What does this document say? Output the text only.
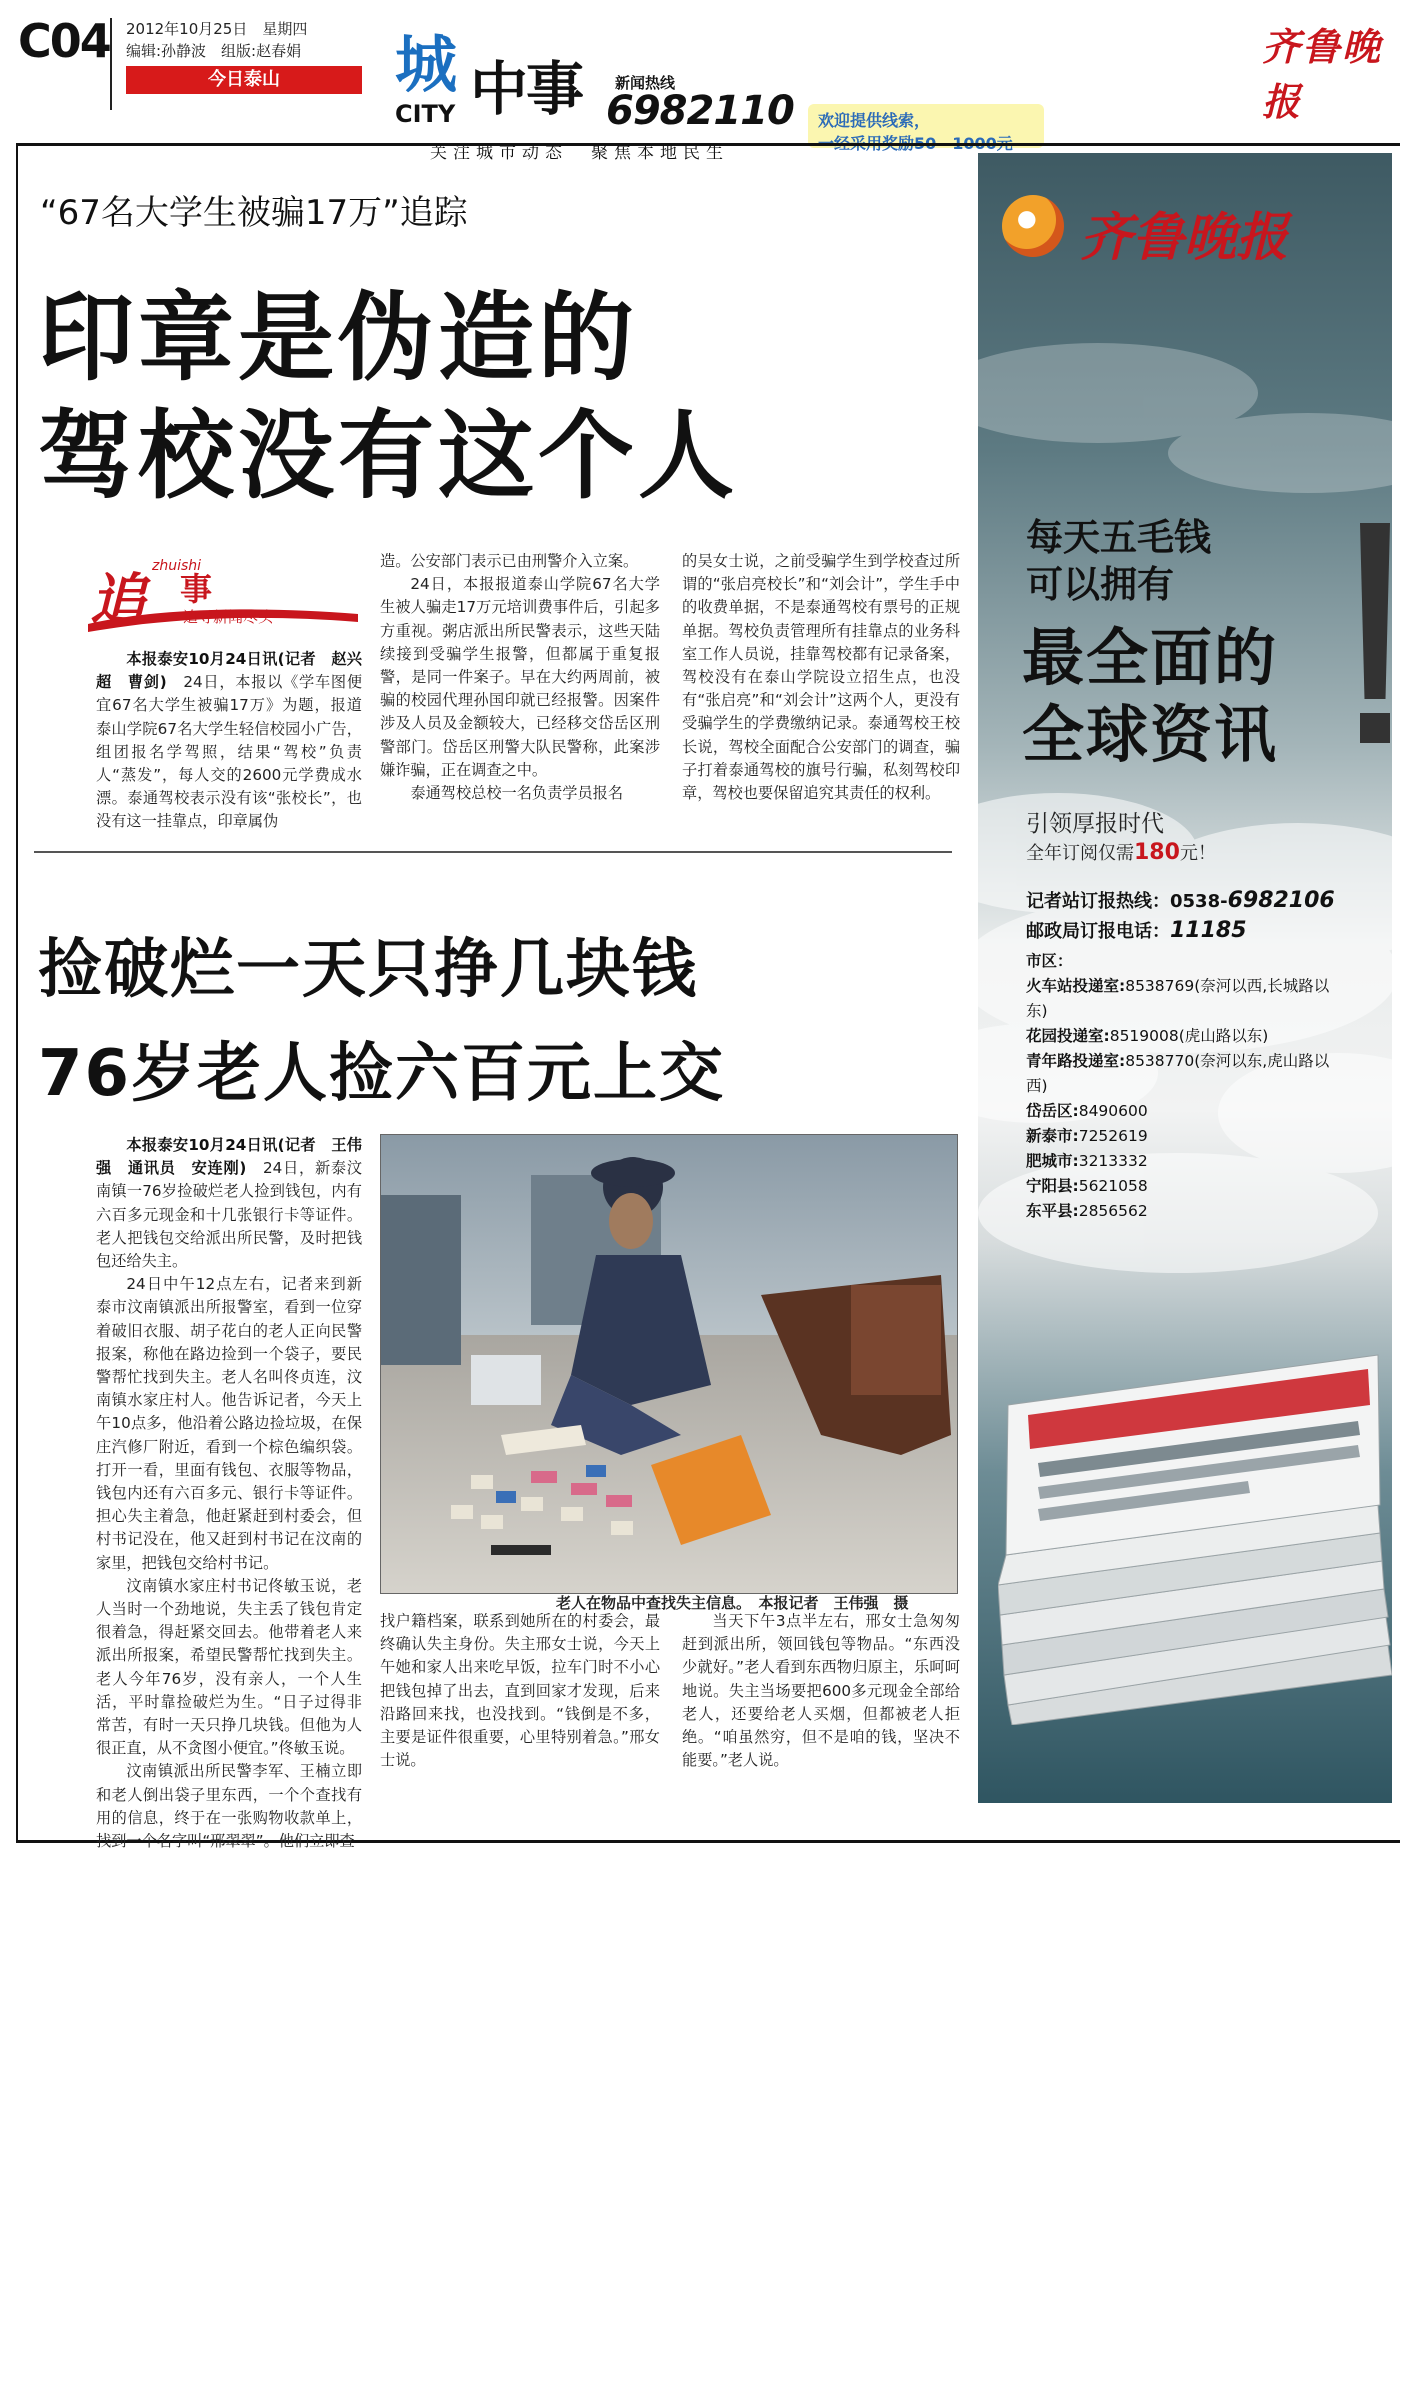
C04 2012年10月25日　星期四
编辑:孙静波　组版:赵春娟
今日泰山	城
CITY 中事 新闻热线
6982110 欢迎提供线索，
一经采用奖励50—1000元
关注城市动态　聚焦本地民生
齐鲁晚报
“67名大学生被骗17万”追踪
印章是伪造的
驾校没有这个人
追
zhuishi
事
追寻新闻尽头

本报泰安10月24日讯(记者　赵兴超　曹剑)　 24日，本报以《学车图便宜67名大学生被骗17万》为题，报道泰山学院67名大学生轻信校园小广告，组团报名学驾照，结果“驾校”负责人“蒸发”，每人交的2600元学费成水漂。泰通驾校表示没有该“张校长”，也没有这一挂靠点，印章属伪

造。公安部门表示已由刑警介入立案。

24日，本报报道泰山学院67名大学生被人骗走17万元培训费事件后，引起多方重视。粥店派出所民警表示，这些天陆续接到受骗学生报警，但都属于重复报警，是同一件案子。早在大约两周前，被骗的校园代理孙国印就已经报警。因案件涉及人员及金额较大，已经移交岱岳区刑警部门。岱岳区刑警大队民警称，此案涉嫌诈骗，正在调查之中。

泰通驾校总校一名负责学员报名

的吴女士说，之前受骗学生到学校查过所谓的“张启亮校长”和“刘会计”，学生手中的收费单据，不是泰通驾校有票号的正规单据。驾校负责管理所有挂靠点的业务科室工作人员说，挂靠驾校都有记录备案，驾校没有在泰山学院设立招生点，也没有“张启亮”和“刘会计”这两个人，更没有受骗学生的学费缴纳记录。泰通驾校王校长说，驾校全面配合公安部门的调查，骗子打着泰通驾校的旗号行骗，私刻驾校印章，驾校也要保留追究其责任的权利。
捡破烂一天只挣几块钱
76岁老人捡六百元上交

本报泰安10月24日讯(记者　王伟强　通讯员　安连刚)　 24日，新泰汶南镇一76岁捡破烂老人捡到钱包，内有六百多元现金和十几张银行卡等证件。老人把钱包交给派出所民警，及时把钱包还给失主。

24日中午12点左右，记者来到新泰市汶南镇派出所报警室，看到一位穿着破旧衣服、胡子花白的老人正向民警报案，称他在路边捡到一个袋子，要民警帮忙找到失主。老人名叫佟贞连，汶南镇水家庄村人。他告诉记者，今天上午10点多，他沿着公路边捡垃圾，在保庄汽修厂附近，看到一个棕色编织袋。打开一看，里面有钱包、衣服等物品，钱包内还有六百多元、银行卡等证件。担心失主着急，他赶紧赶到村委会，但村书记没在，他又赶到村书记在汶南的家里，把钱包交给村书记。

汶南镇水家庄村书记佟敏玉说，老人当时一个劲地说，失主丢了钱包肯定很着急，得赶紧交回去。他带着老人来派出所报案，希望民警帮忙找到失主。老人今年76岁，没有亲人，一个人生活，平时靠捡破烂为生。“日子过得非常苦，有时一天只挣几块钱。但他为人很正直，从不贪图小便宜。”佟敏玉说。

汶南镇派出所民警李军、王楠立即和老人倒出袋子里东西，一个个查找有用的信息，终于在一张购物收款单上，找到一个名字叫“邢翠翠”。他们立即查

老人在物品中查找失主信息。　本报记者　王伟强　摄
找户籍档案，联系到她所在的村委会，最终确认失主身份。失主邢女士说，今天上午她和家人出来吃早饭，拉车门时不小心把钱包掉了出去，直到回家才发现，后来沿路回来找，也没找到。“钱倒是不多，主要是证件很重要，心里特别着急。”邢女士说。

当天下午3点半左右，邢女士急匆匆赶到派出所，领回钱包等物品。“东西没少就好。”老人看到东西物归原主，乐呵呵地说。失主当场要把600多元现金全部给老人，还要给老人买烟，但都被老人拒绝。“咱虽然穷，但不是咱的钱，坚决不能要。”老人说。

齐鲁晚报
每天五毛钱
可以拥有
最全面的
全球资讯
引领厚报时代
全年订阅仅需180元！
记者站订报热线：0538-6982106
邮政局订报电话：11185
市区：
火车站投递室:8538769(奈河以西,长城路以东)
花园投递室:8519008(虎山路以东)
青年路投递室:8538770(奈河以东,虎山路以西)
岱岳区:8490600
新泰市:7252619
肥城市:3213332
宁阳县:5621058
东平县:2856562
